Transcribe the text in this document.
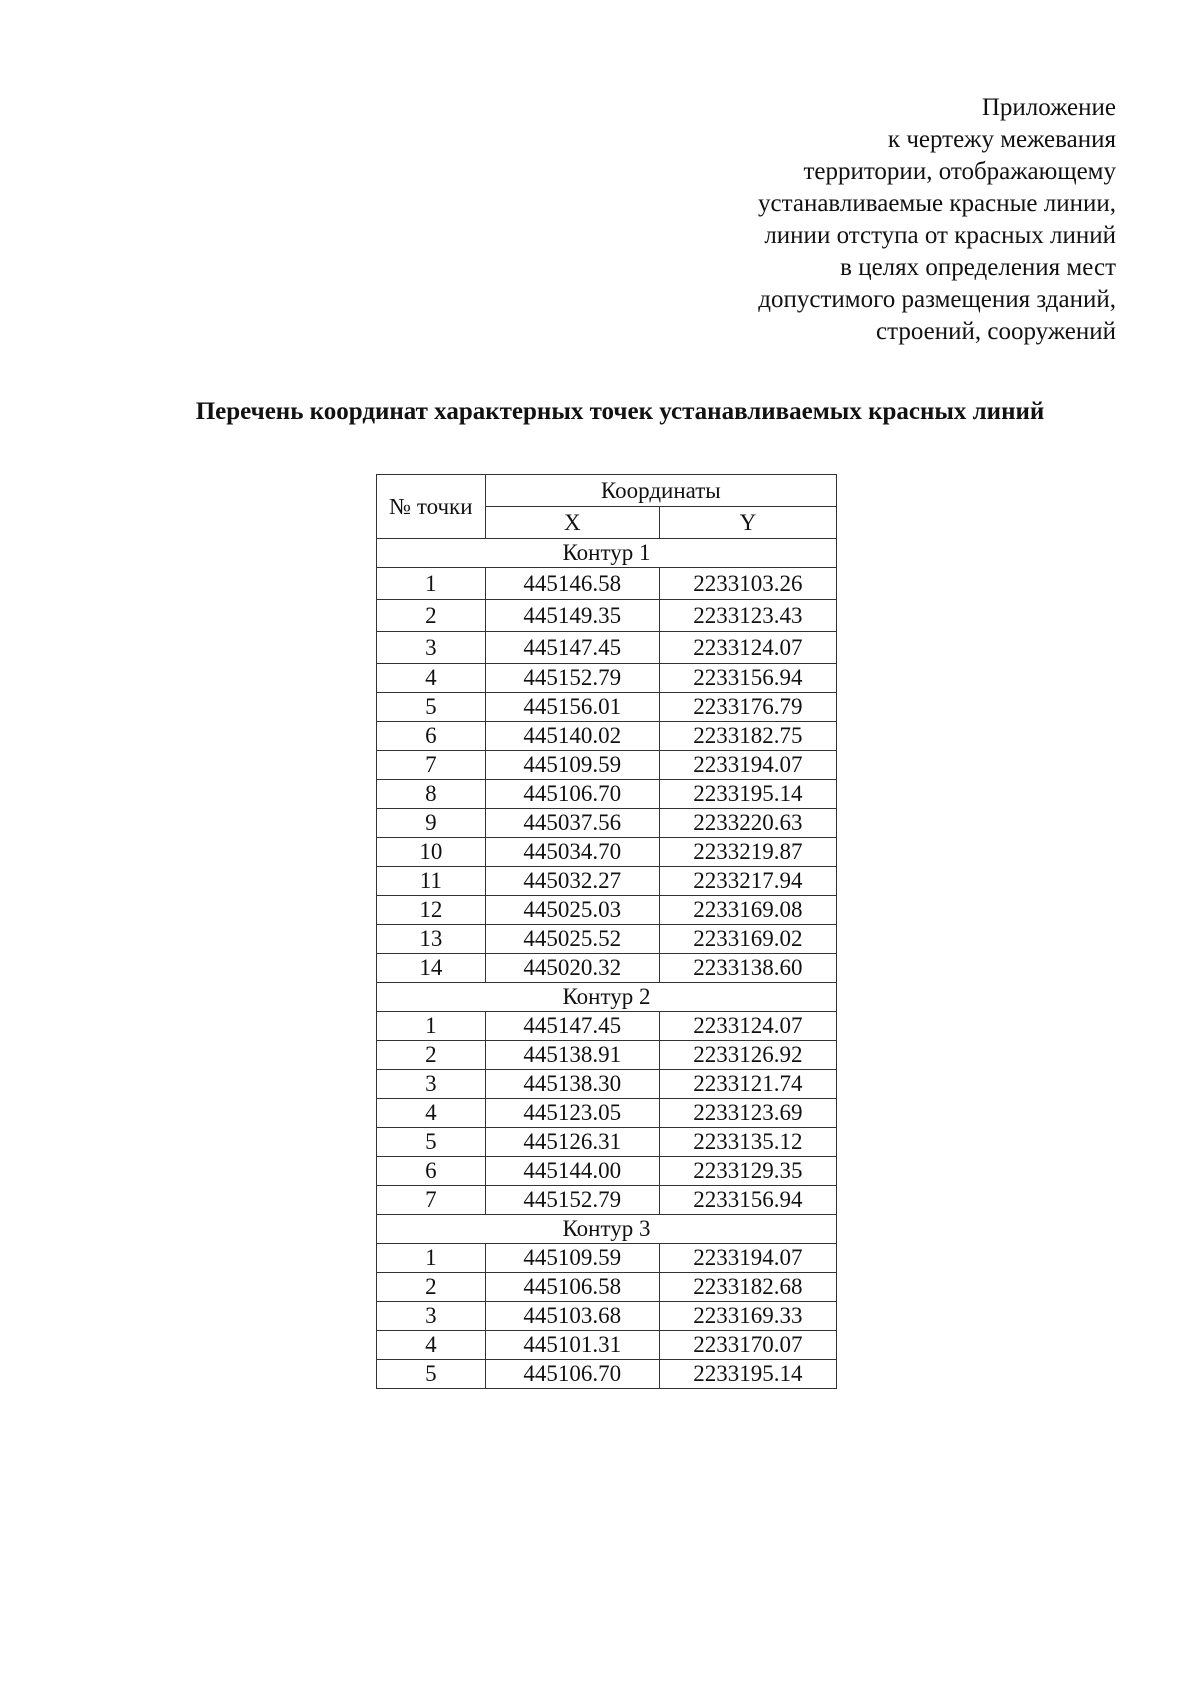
Приложение
к чертежу межевания
территории, отображающему
устанавливаемые красные линии,
линии отступа от красных линий
в целях определения мест
допустимого размещения зданий,
строений, сооружений
Перечень координат характерных точек устанавливаемых красных линий
№ точки	Координаты	
	X	Y
Контур 1		
1	445146.58	2233103.26
2	445149.35	2233123.43
3	445147.45	2233124.07
4	445152.79	2233156.94
5	445156.01	2233176.79
6	445140.02	2233182.75
7	445109.59	2233194.07
8	445106.70	2233195.14
9	445037.56	2233220.63
10	445034.70	2233219.87
11	445032.27	2233217.94
12	445025.03	2233169.08
13	445025.52	2233169.02
14	445020.32	2233138.60
Контур 2		
1	445147.45	2233124.07
2	445138.91	2233126.92
3	445138.30	2233121.74
4	445123.05	2233123.69
5	445126.31	2233135.12
6	445144.00	2233129.35
7	445152.79	2233156.94
Контур 3		
1	445109.59	2233194.07
2	445106.58	2233182.68
3	445103.68	2233169.33
4	445101.31	2233170.07
5	445106.70	2233195.14
